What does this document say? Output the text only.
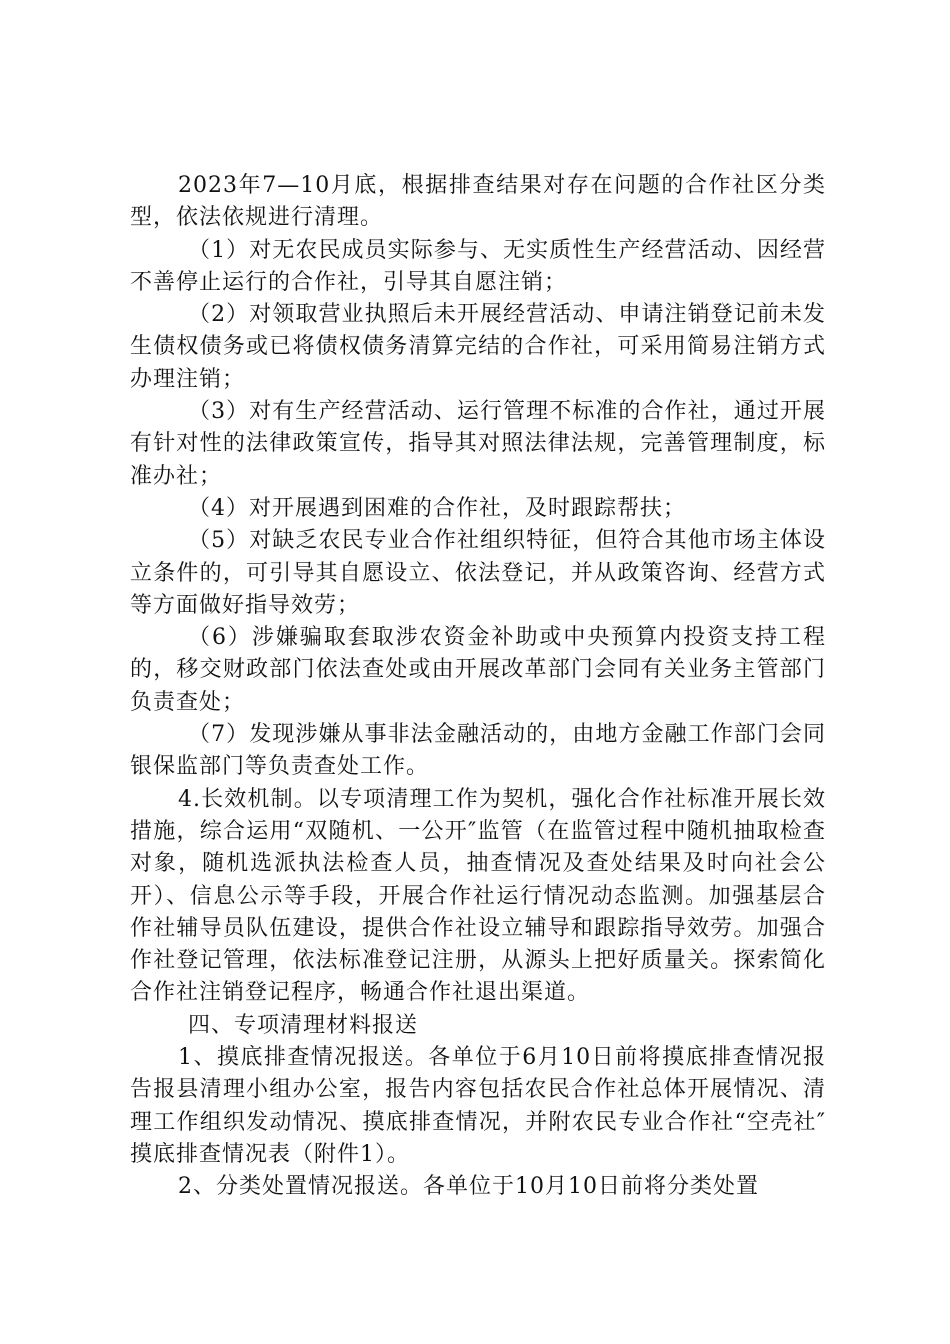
2023年7—10月底，根据排查结果对存在问题的合作社区分类型，依法依规进行清理。

（1）对无农民成员实际参与、无实质性生产经营活动、因经营不善停止运行的合作社，引导其自愿注销；

（2）对领取营业执照后未开展经营活动、申请注销登记前未发生债权债务或已将债权债务清算完结的合作社，可采用简易注销方式办理注销；

（3）对有生产经营活动、运行管理不标准的合作社，通过开展有针对性的法律政策宣传，指导其对照法律法规，完善管理制度，标准办社；

（4）对开展遇到困难的合作社，及时跟踪帮扶；

（5）对缺乏农民专业合作社组织特征，但符合其他市场主体设立条件的，可引导其自愿设立、依法登记，并从政策咨询、经营方式等方面做好指导效劳；

（6）涉嫌骗取套取涉农资金补助或中央预算内投资支持工程的，移交财政部门依法查处或由开展改革部门会同有关业务主管部门负责查处；

（7）发现涉嫌从事非法金融活动的，由地方金融工作部门会同银保监部门等负责查处工作。

4.长效机制。以专项清理工作为契机，强化合作社标准开展长效措施，综合运用“双随机、一公开″监管（在监管过程中随机抽取检查对象，随机选派执法检查人员，抽查情况及查处结果及时向社会公开）、信息公示等手段，开展合作社运行情况动态监测。加强基层合作社辅导员队伍建设，提供合作社设立辅导和跟踪指导效劳。加强合作社登记管理，依法标准登记注册，从源头上把好质量关。探索简化合作社注销登记程序，畅通合作社退出渠道。

四、专项清理材料报送

1、摸底排查情况报送。各单位于6月10日前将摸底排查情况报告报县清理小组办公室，报告内容包括农民合作社总体开展情况、清理工作组织发动情况、摸底排查情况，并附农民专业合作社“空壳社″摸底排查情况表（附件1）。

2、分类处置情况报送。各单位于10月10日前将分类处置
